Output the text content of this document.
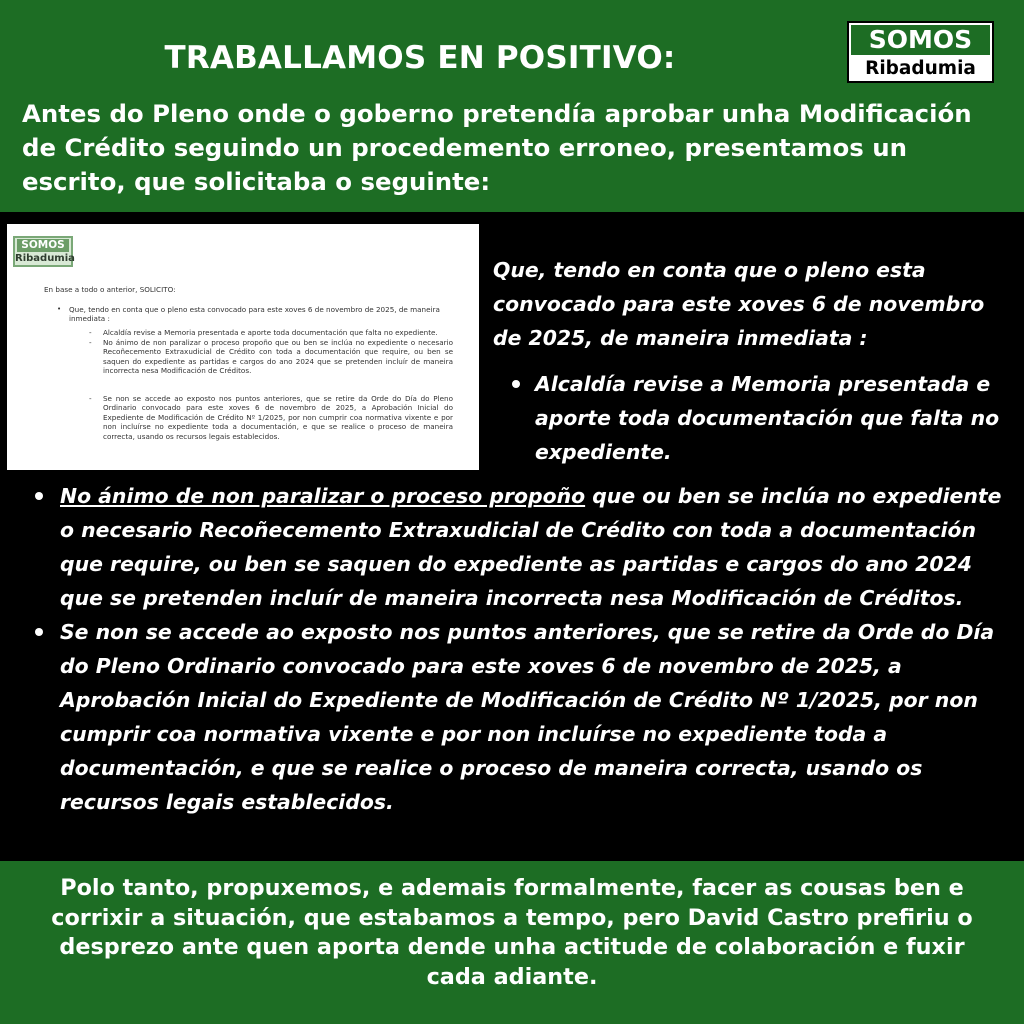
TRABALLAMOS EN POSITIVO:
SOMOS
Ribadumia
Antes do Pleno onde o goberno pretendía aprobar unha Modificación de Crédito seguindo un procedemento erroneo, presentamos un escrito, que solicitaba o seguinte:
SOMOS
Ribadumia

En base a todo o anterior, SOLICITO:

• Que, tendo en conta que o pleno esta convocado para este xoves 6 de novembro de 2025, de maneira inmediata :

- Alcaldía revise a Memoria presentada e aporte toda documentación que falta no expediente.

- No ánimo de non paralizar o proceso propoño que ou ben se inclúa no expediente o necesario Recoñecemento Extraxudicial de Crédito con toda a documentación que require, ou ben se saquen do expediente as partidas e cargos do ano 2024 que se pretenden incluír de maneira incorrecta nesa Modificación de Créditos.

- Se non se accede ao exposto nos puntos anteriores, que se retire da Orde do Día do Pleno Ordinario convocado para este xoves 6 de novembro de 2025, a Aprobación Inicial do Expediente de Modificación de Crédito Nº 1/2025, por non cumprir coa normativa vixente e por non incluírse no expediente toda a documentación, e que se realice o proceso de maneira correcta, usando os recursos legais establecidos.

Que, tendo en conta que o pleno esta convocado para este xoves 6 de novembro de 2025, de maneira inmediata :
Alcaldía revise a Memoria presentada e aporte toda documentación que falta no expediente.
No ánimo de non paralizar o proceso propoño que ou ben se inclúa no expediente o necesario Recoñecemento Extraxudicial de Crédito con toda a documentación que require, ou ben se saquen do expediente as partidas e cargos do ano 2024 que se pretenden incluír de maneira incorrecta nesa Modificación de Créditos.
Se non se accede ao exposto nos puntos anteriores, que se retire da Orde do Día do Pleno Ordinario convocado para este xoves 6 de novembro de 2025, a Aprobación Inicial do Expediente de Modificación de Crédito Nº 1/2025, por non cumprir coa normativa vixente e por non incluírse no expediente toda a documentación, e que se realice o proceso de maneira correcta, usando os recursos legais establecidos.
Polo tanto, propuxemos, e ademais formalmente, facer as cousas ben e corrixir a situación, que estabamos a tempo, pero David Castro prefiriu o desprezo ante quen aporta dende unha actitude de colaboración e fuxir cada adiante.
